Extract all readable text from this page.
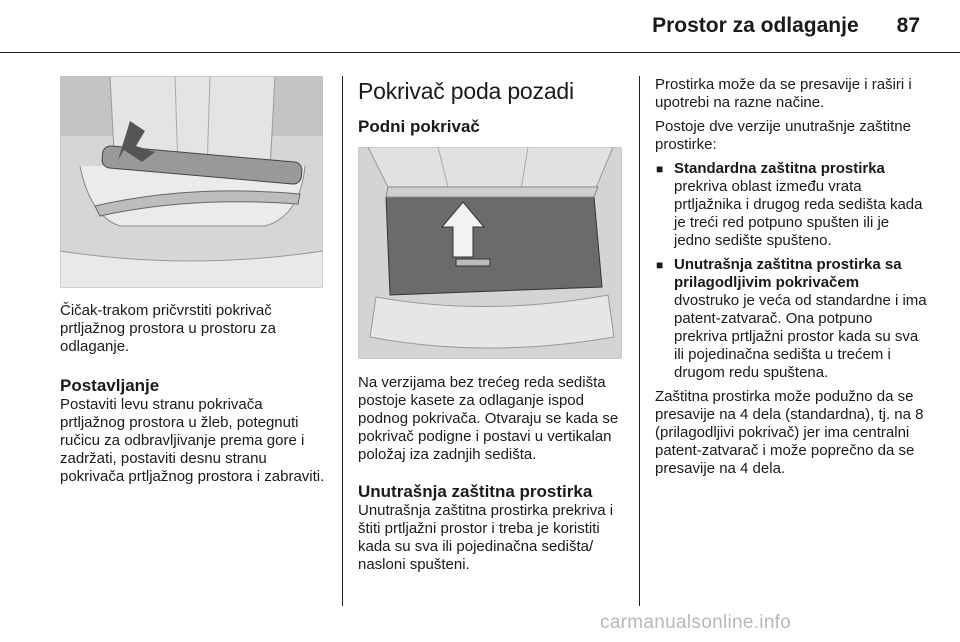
Prostor za odlaganje 87

Čičak-trakom pričvrstiti pokrivač prtljažnog prostora u prostoru za odlaganje.

Postavljanje

Postaviti levu stranu pokrivača prtljažnog prostora u žleb, potegnuti ručicu za odbravljivanje prema gore i zadržati, postaviti desnu stranu pokrivača prtljažnog prostora i zabraviti.

Pokrivač poda pozadi
Podni pokrivač

Na verzijama bez trećeg reda sedišta postoje kasete za odlaganje ispod podnog pokrivača. Otvaraju se kada se pokrivač podigne i postavi u vertikalan položaj iza zadnjih sedišta.

Unutrašnja zaštitna prostirka

Unutrašnja zaštitna prostirka prekriva i štiti prtljažni prostor i treba je koristiti kada su sva ili pojedinačna sedišta/ nasloni spušteni.

Prostirka može da se presavije i raširi i upotrebi na razne načine.

Postoje dve verzije unutrašnje zaštitne prostirke:

■ Standardna zaštitna prostirka
prekriva oblast između vrata prtljažnika i drugog reda sedišta kada je treći red potpuno spušten ili je jedno sedište spušteno.
■ Unutrašnja zaštitna prostirka sa prilagodljivim pokrivačem
dvostruko je veća od standardne i ima patent-zatvarač. Ona potpuno prekriva prtljažni prostor kada su sva ili pojedinačna sedišta u trećem i drugom redu spuštena.

Zaštitna prostirka može podužno da se presavije na 4 dela (standardna), tj. na 8 (prilagodljivi pokrivač) jer ima centralni patent-zatvarač i može poprečno da se presavije na 4 dela.

carmanualsonline.info
